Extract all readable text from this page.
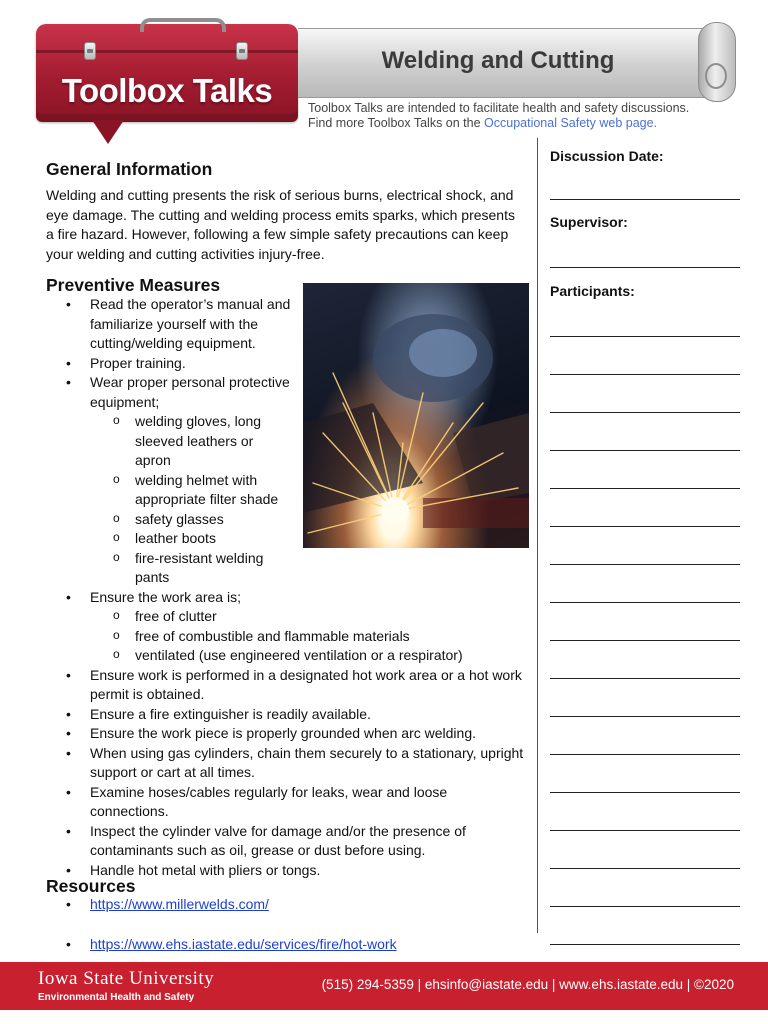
Toolbox Talks
Welding and Cutting
Toolbox Talks are intended to facilitate health and safety discussions.
Find more Toolbox Talks on the Occupational Safety web page.
General Information

Welding and cutting presents the risk of serious burns, electrical shock, and eye damage. The cutting and welding process emits sparks, which presents a fire hazard. However, following a few simple safety precautions can keep your welding and cutting activities injury-free.

Preventive Measures
• Read the operator’s manual and familiarize yourself with the cutting/welding equipment.
• Proper training.
• Wear proper personal protective equipment;
o welding gloves, long sleeved leathers or apron
o welding helmet with appropriate filter shade
o safety glasses
o leather boots
o fire-resistant welding pants
• Ensure the work area is;
o free of clutter
o free of combustible and flammable materials
o ventilated (use engineered ventilation or a respirator)
• Ensure work is performed in a designated hot work area or a hot work permit is obtained.
• Ensure a fire extinguisher is readily available.
• Ensure the work piece is properly grounded when arc welding.
• When using gas cylinders, chain them securely to a stationary, upright support or cart at all times.
• Examine hoses/cables regularly for leaks, wear and loose connections.
• Inspect the cylinder valve for damage and/or the presence of contaminants such as oil, grease or dust before using.
• Handle hot metal with pliers or tongs.
Resources
• https://www.millerwelds.com/
• https://www.ehs.iastate.edu/services/fire/hot-work
Discussion Date:
Supervisor:
Participants:
Iowa State University
Environmental Health and Safety
(515) 294-5359 | ehsinfo@iastate.edu | www.ehs.iastate.edu | ©2020
